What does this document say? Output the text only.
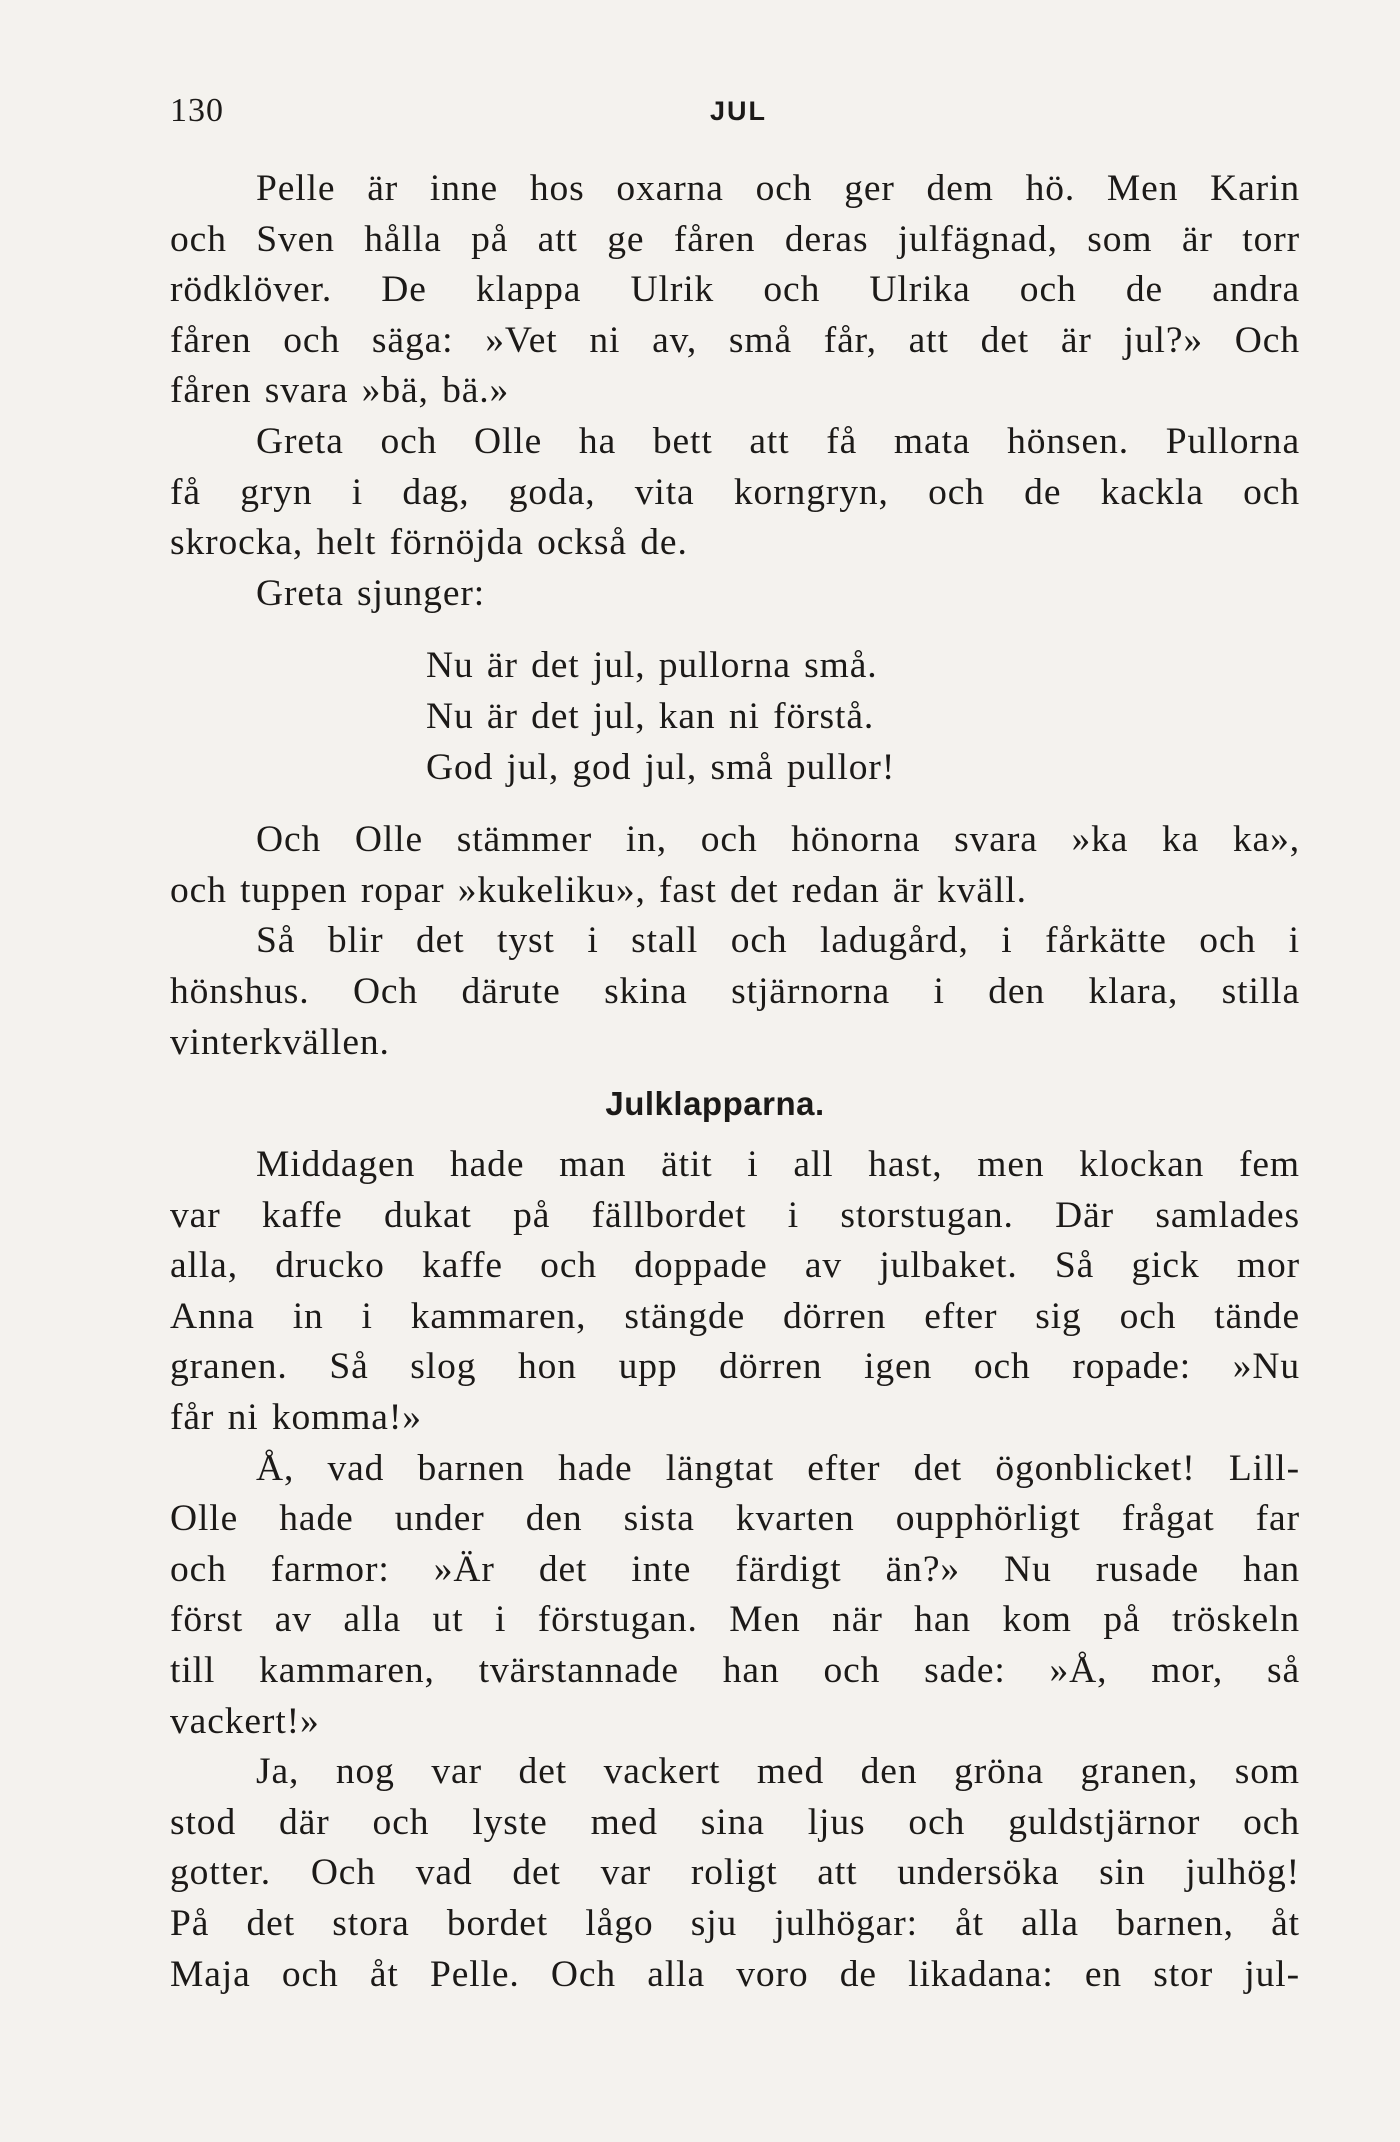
130	JUL
Pelle är inne hos oxarna och ger dem hö. Men Karin
och Sven hålla på att ge fåren deras julfägnad, som är torr
rödklöver. De klappa Ulrik och Ulrika och de andra
fåren och säga: »Vet ni av, små får, att det är jul?» Och
fåren svara »bä, bä.»
Greta och Olle ha bett att få mata hönsen. Pullorna
få gryn i dag, goda, vita korngryn, och de kackla och
skrocka, helt förnöjda också de.
Greta sjunger:
Nu är det jul, pullorna små.
Nu är det jul, kan ni förstå.
God jul, god jul, små pullor!
Och Olle stämmer in, och hönorna svara »ka ka ka»,
och tuppen ropar »kukeliku», fast det redan är kväll.
Så blir det tyst i stall och ladugård, i fårkätte och i
hönshus. Och därute skina stjärnorna i den klara, stilla
vinterkvällen.
Julklapparna.
Middagen hade man ätit i all hast, men klockan fem
var kaffe dukat på fällbordet i storstugan. Där samlades
alla, drucko kaffe och doppade av julbaket. Så gick mor
Anna in i kammaren, stängde dörren efter sig och tände
granen. Så slog hon upp dörren igen och ropade: »Nu
får ni komma!»
Å, vad barnen hade längtat efter det ögonblicket! Lill-
Olle hade under den sista kvarten oupphörligt frågat far
och farmor: »Är det inte färdigt än?» Nu rusade han
först av alla ut i förstugan. Men när han kom på tröskeln
till kammaren, tvärstannade han och sade: »Å, mor, så
vackert!»
Ja, nog var det vackert med den gröna granen, som
stod där och lyste med sina ljus och guldstjärnor och
gotter. Och vad det var roligt att undersöka sin julhög!
På det stora bordet lågo sju julhögar: åt alla barnen, åt
Maja och åt Pelle. Och alla voro de likadana: en stor jul-
